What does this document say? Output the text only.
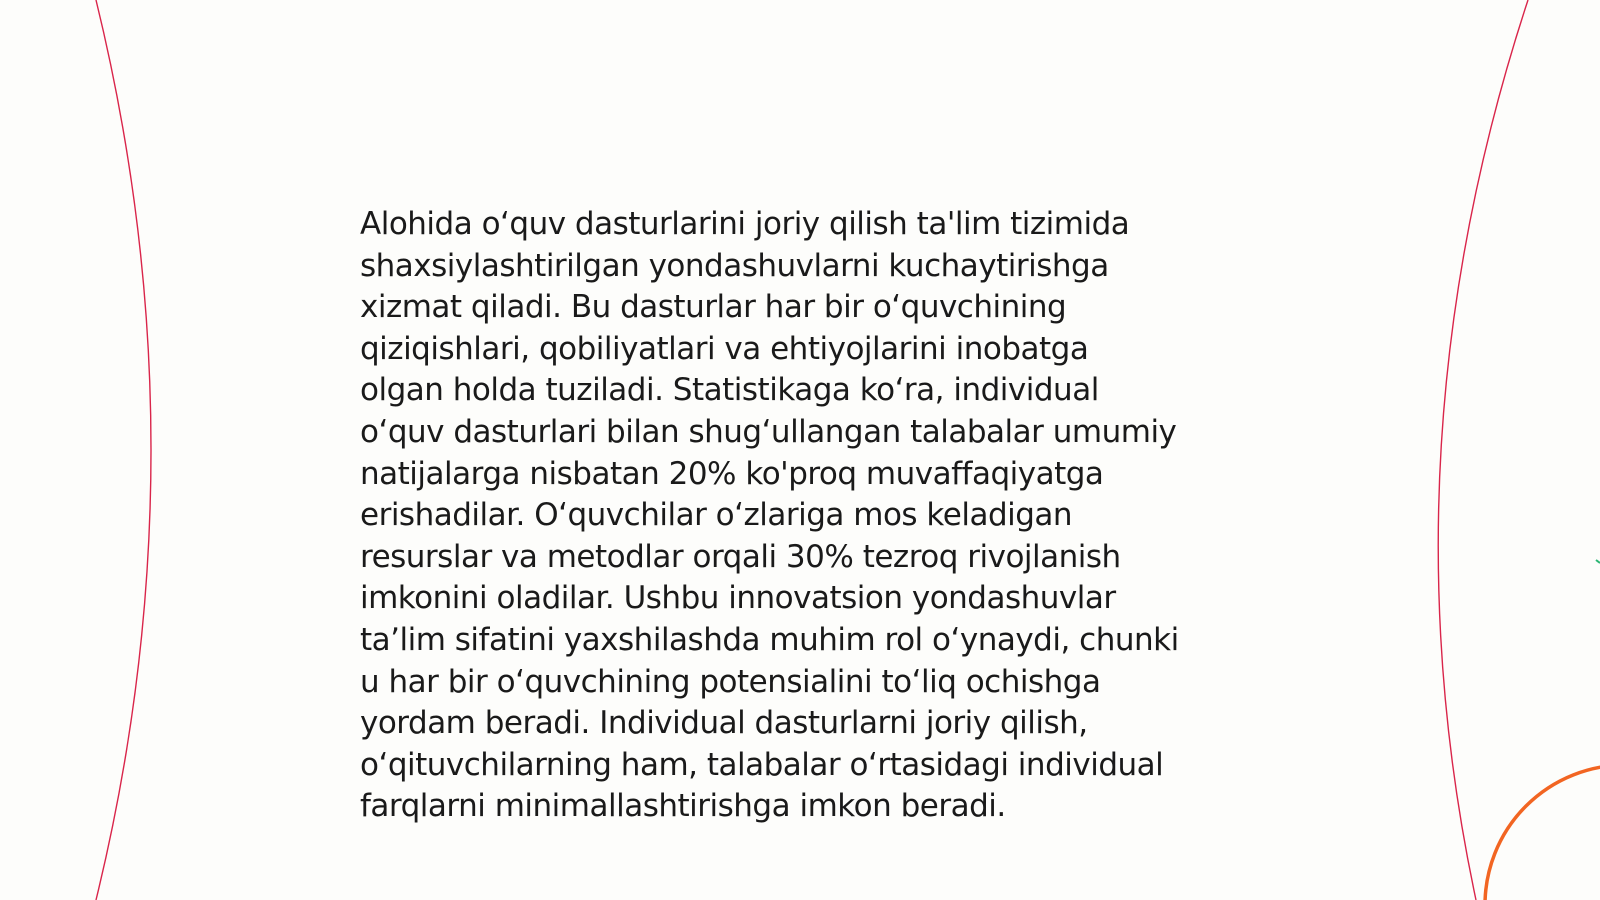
Alohida o‘quv dasturlarini joriy qilish ta'lim tizimida
shaxsiylashtirilgan yondashuvlarni kuchaytirishga
xizmat qiladi. Bu dasturlar har bir o‘quvchining
qiziqishlari, qobiliyatlari va ehtiyojlarini inobatga
olgan holda tuziladi. Statistikaga ko‘ra, individual
o‘quv dasturlari bilan shug‘ullangan talabalar umumiy
natijalarga nisbatan 20% ko'proq muvaffaqiyatga
erishadilar. O‘quvchilar o‘zlariga mos keladigan
resurslar va metodlar orqali 30% tezroq rivojlanish
imkonini oladilar. Ushbu innovatsion yondashuvlar
ta’lim sifatini yaxshilashda muhim rol o‘ynaydi, chunki
u har bir o‘quvchining potensialini to‘liq ochishga
yordam beradi. Individual dasturlarni joriy qilish,
o‘qituvchilarning ham, talabalar o‘rtasidagi individual
farqlarni minimallashtirishga imkon beradi.
